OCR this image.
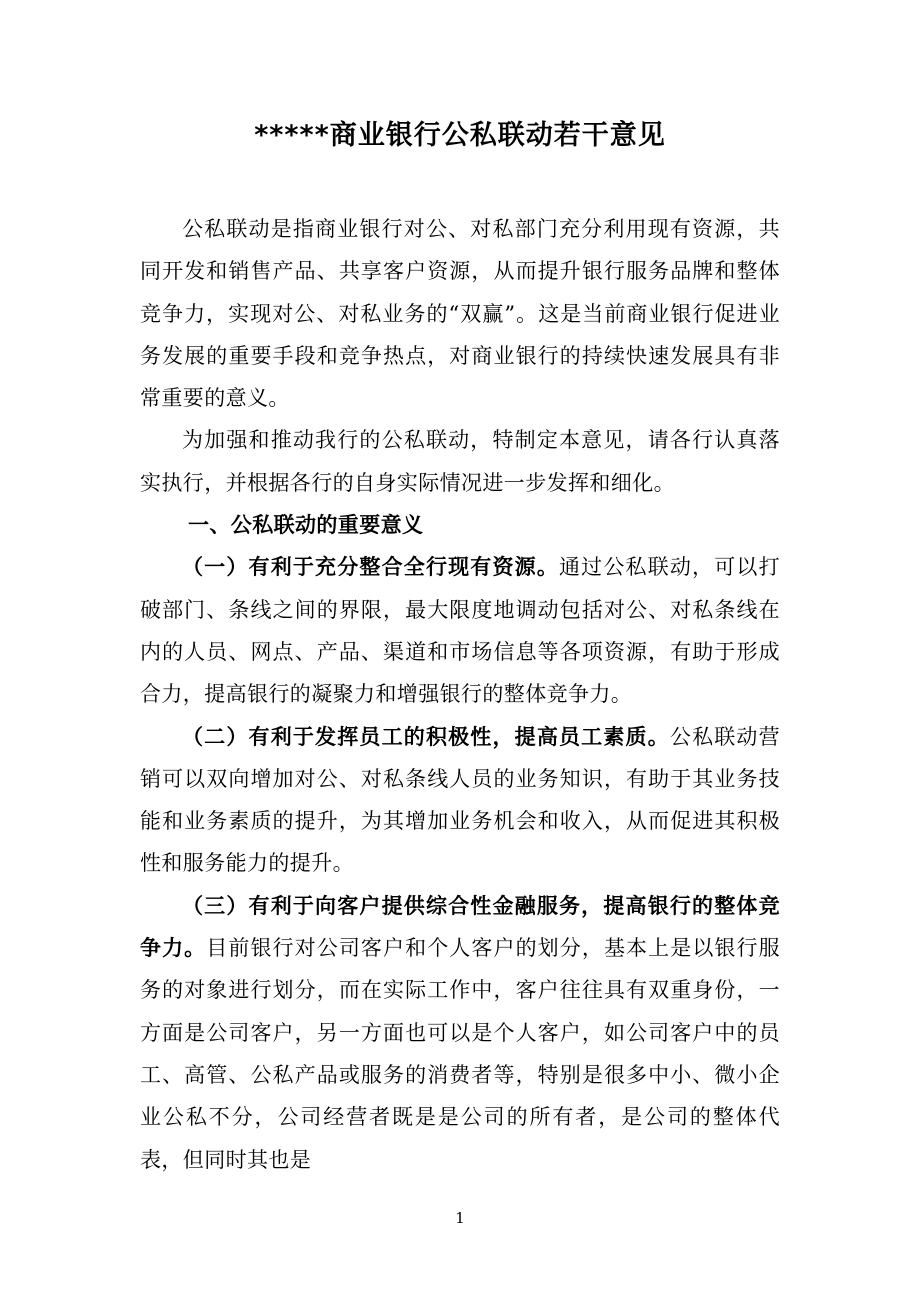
*****商业银行公私联动若干意见

公私联动是指商业银行对公、对私部门充分利用现有资源，共同开发和销售产品、共享客户资源，从而提升银行服务品牌和整体竞争力，实现对公、对私业务的“双赢”。这是当前商业银行促进业务发展的重要手段和竞争热点，对商业银行的持续快速发展具有非常重要的意义。

为加强和推动我行的公私联动，特制定本意见，请各行认真落实执行，并根据各行的自身实际情况进一步发挥和细化。

一、公私联动的重要意义

（一）有利于充分整合全行现有资源。通过公私联动，可以打破部门、条线之间的界限，最大限度地调动包括对公、对私条线在内的人员、网点、产品、渠道和市场信息等各项资源，有助于形成合力，提高银行的凝聚力和增强银行的整体竞争力。

（二）有利于发挥员工的积极性，提高员工素质。公私联动营销可以双向增加对公、对私条线人员的业务知识，有助于其业务技能和业务素质的提升，为其增加业务机会和收入，从而促进其积极性和服务能力的提升。

（三）有利于向客户提供综合性金融服务，提高银行的整体竞争力。目前银行对公司客户和个人客户的划分，基本上是以银行服务的对象进行划分，而在实际工作中，客户往往具有双重身份，一方面是公司客户，另一方面也可以是个人客户，如公司客户中的员工、高管、公私产品或服务的消费者等，特别是很多中小、微小企业公私不分，公司经营者既是是公司的所有者，是公司的整体代表，但同时其也是

1
